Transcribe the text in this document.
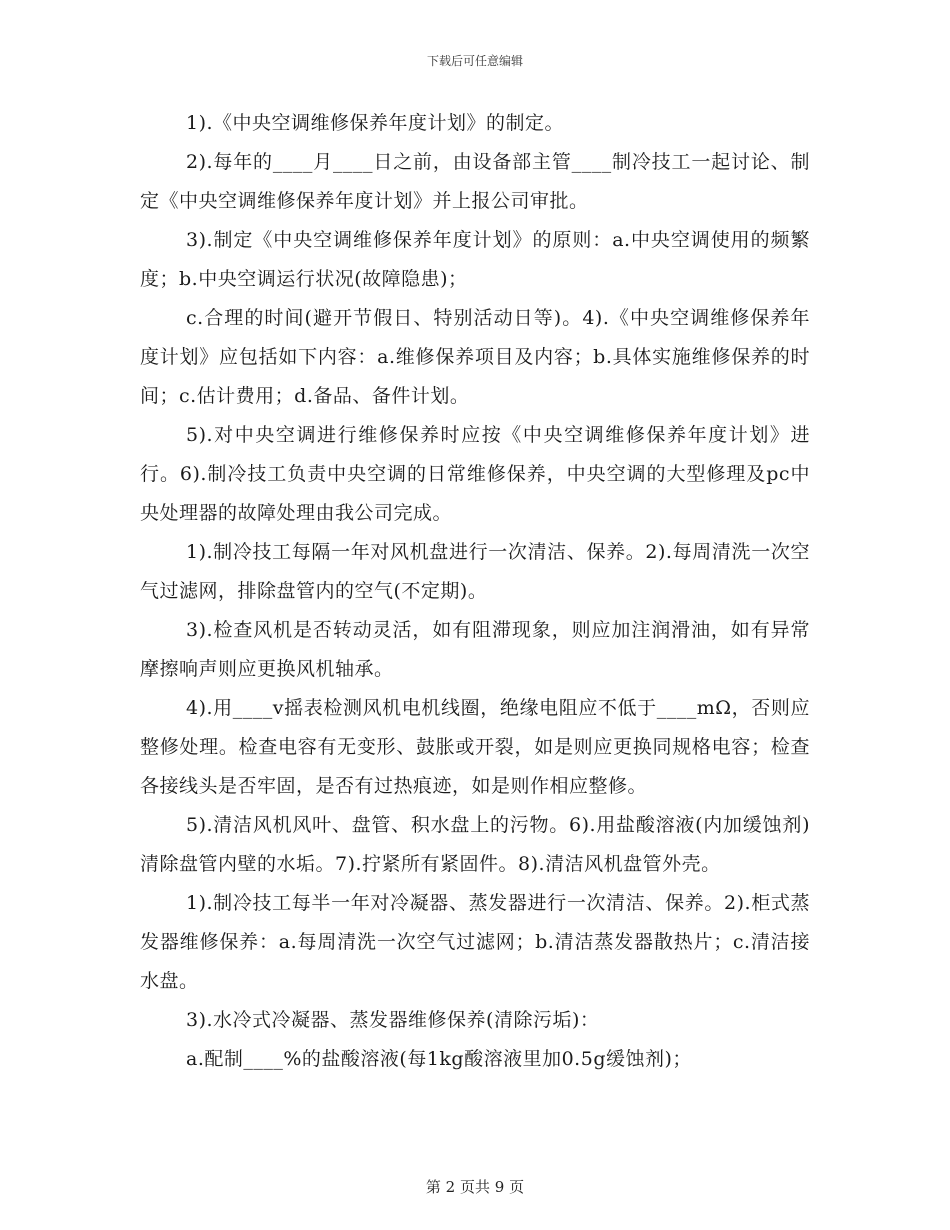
下载后可任意编辑

1).《中央空调维修保养年度计划》的制定。

2).每年的____月____日之前，由设备部主管____制冷技工一起讨论、制定《中央空调维修保养年度计划》并上报公司审批。

3).制定《中央空调维修保养年度计划》的原则：a.中央空调使用的频繁度；b.中央空调运行状况(故障隐患)；

c.合理的时间(避开节假日、特别活动日等)。4).《中央空调维修保养年度计划》应包括如下内容：a.维修保养项目及内容；b.具体实施维修保养的时间；c.估计费用；d.备品、备件计划。

5).对中央空调进行维修保养时应按《中央空调维修保养年度计划》进行。6).制冷技工负责中央空调的日常维修保养，中央空调的大型修理及pc中央处理器的故障处理由我公司完成。

1).制冷技工每隔一年对风机盘进行一次清洁、保养。2).每周清洗一次空气过滤网，排除盘管内的空气(不定期)。

3).检查风机是否转动灵活，如有阻滞现象，则应加注润滑油，如有异常摩擦响声则应更换风机轴承。

4).用____v摇表检测风机电机线圈，绝缘电阻应不低于____mΩ，否则应整修处理。检查电容有无变形、鼓胀或开裂，如是则应更换同规格电容；检查各接线头是否牢固，是否有过热痕迹，如是则作相应整修。

5).清洁风机风叶、盘管、积水盘上的污物。6).用盐酸溶液(内加缓蚀剂)清除盘管内壁的水垢。7).拧紧所有紧固件。8).清洁风机盘管外壳。

1).制冷技工每半一年对冷凝器、蒸发器进行一次清洁、保养。2).柜式蒸发器维修保养：a.每周清洗一次空气过滤网；b.清洁蒸发器散热片；c.清洁接水盘。

3).水冷式冷凝器、蒸发器维修保养(清除污垢)：

a.配制____%的盐酸溶液(每1kg酸溶液里加0.5g缓蚀剂)；

第 2 页共 9 页
